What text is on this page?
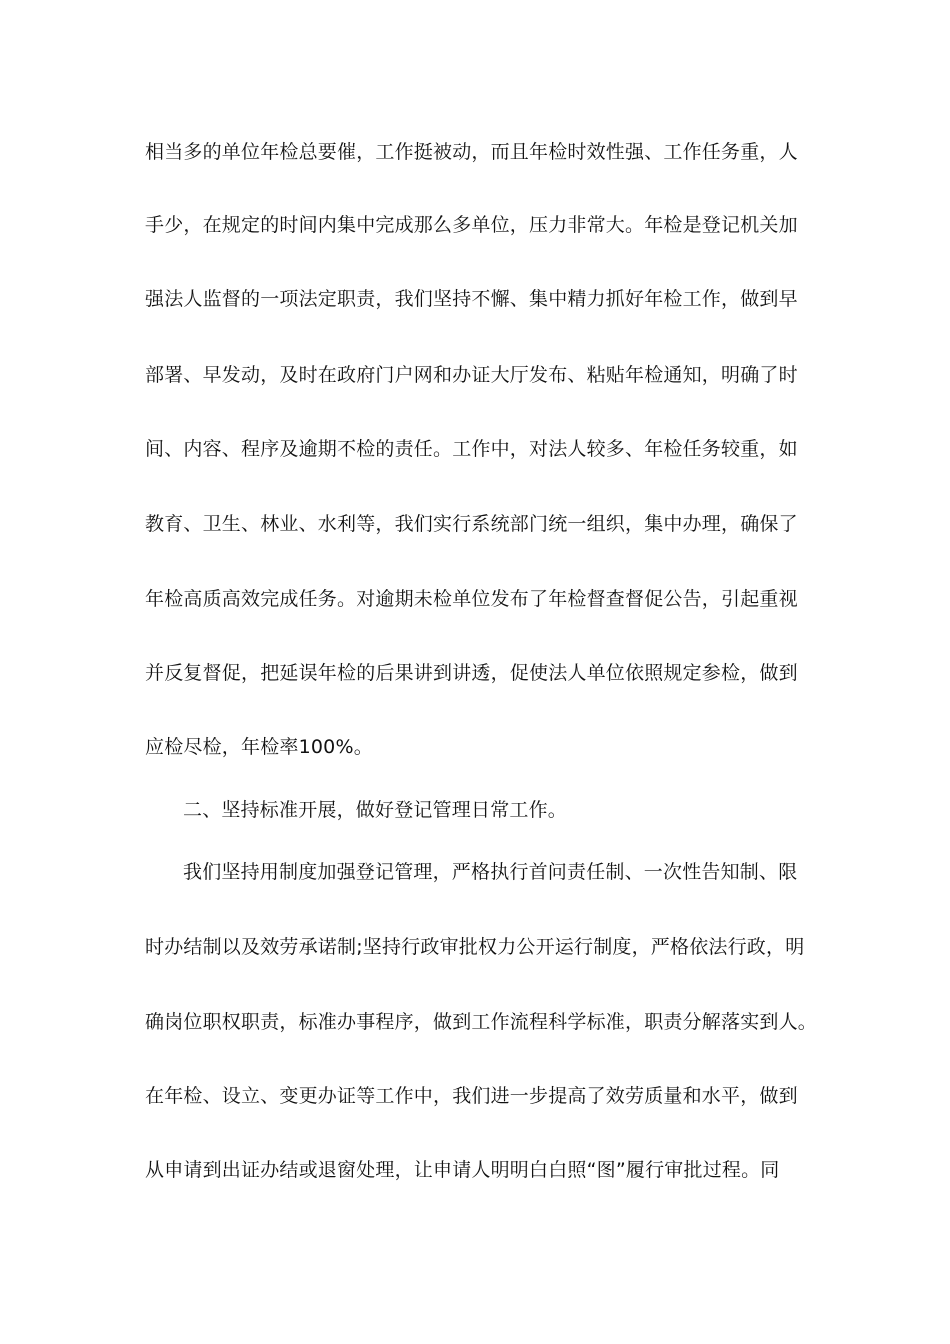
相当多的单位年检总要催，工作挺被动，而且年检时效性强、工作任务重，人
手少，在规定的时间内集中完成那么多单位，压力非常大。年检是登记机关加
强法人监督的一项法定职责，我们坚持不懈、集中精力抓好年检工作，做到早
部署、早发动，及时在政府门户网和办证大厅发布、粘贴年检通知，明确了时
间、内容、程序及逾期不检的责任。工作中，对法人较多、年检任务较重，如
教育、卫生、林业、水利等，我们实行系统部门统一组织，集中办理，确保了
年检高质高效完成任务。对逾期未检单位发布了年检督查督促公告，引起重视
并反复督促，把延误年检的后果讲到讲透，促使法人单位依照规定参检，做到
应检尽检，年检率100%。
二、坚持标准开展，做好登记管理日常工作。
我们坚持用制度加强登记管理，严格执行首问责任制、一次性告知制、限
时办结制以及效劳承诺制;坚持行政审批权力公开运行制度，严格依法行政，明
确岗位职权职责，标准办事程序，做到工作流程科学标准，职责分解落实到人。
在年检、设立、变更办证等工作中，我们进一步提高了效劳质量和水平，做到
从申请到出证办结或退窗处理，让申请人明明白白照“图”履行审批过程。同
